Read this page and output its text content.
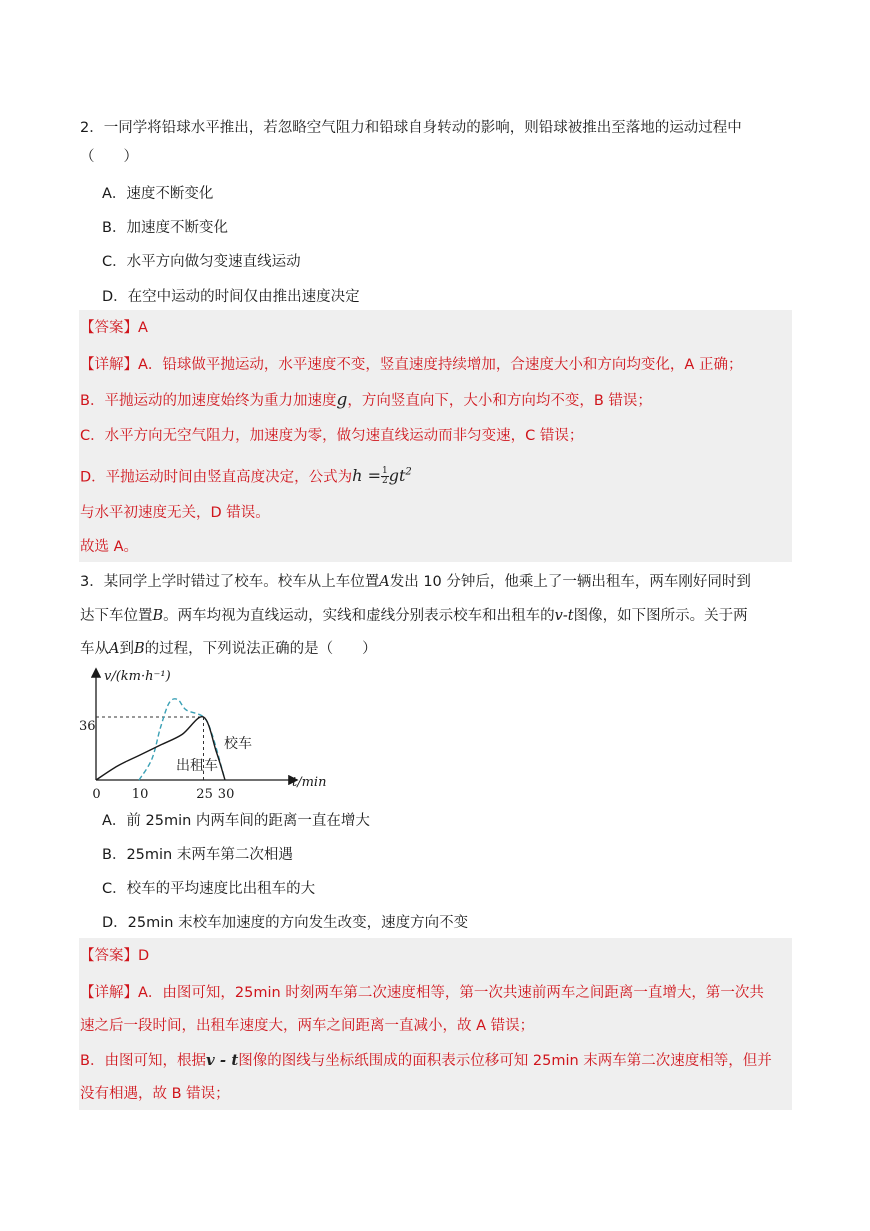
2．一同学将铅球水平推出，若忽略空气阻力和铅球自身转动的影响，则铅球被推出至落地的运动过程中
（　　）
A．速度不断变化
B．加速度不断变化
C．水平方向做匀变速直线运动
D．在空中运动的时间仅由推出速度决定
【答案】A
【详解】A．铅球做平抛运动，水平速度不变，竖直速度持续增加，合速度大小和方向均变化，A 正确；
B．平抛运动的加速度始终为重力加速度g，方向竖直向下，大小和方向均不变，B 错误；
C．水平方向无空气阻力，加速度为零，做匀速直线运动而非匀变速，C 错误；
D．平抛运动时间由竖直高度决定，公式为$h = \frac{1}{2} gt^2$
与水平初速度无关，D 错误。
故选 A。
3．某同学上学时错过了校车。校车从上车位置A发出 10 分钟后，他乘上了一辆出租车，两车刚好同时到
达下车位置B。两车均视为直线运动，实线和虚线分别表示校车和出租车的v-t图像，如下图所示。关于两
车从A到B的过程，下列说法正确的是（　　）
v/(km·h⁻¹)
t/min
36
0 10	25 30
校车
出租车
A．前 25min 内两车间的距离一直在增大
B．25min 末两车第二次相遇
C．校车的平均速度比出租车的大
D．25min 末校车加速度的方向发生改变，速度方向不变
【答案】D
【详解】A．由图可知，25min 时刻两车第二次速度相等，第一次共速前两车之间距离一直增大，第一次共
速之后一段时间，出租车速度大，两车之间距离一直减小，故 A 错误；
B．由图可知，根据v - t图像的图线与坐标纸围成的面积表示位移可知 25min 末两车第二次速度相等，但并
没有相遇，故 B 错误；
